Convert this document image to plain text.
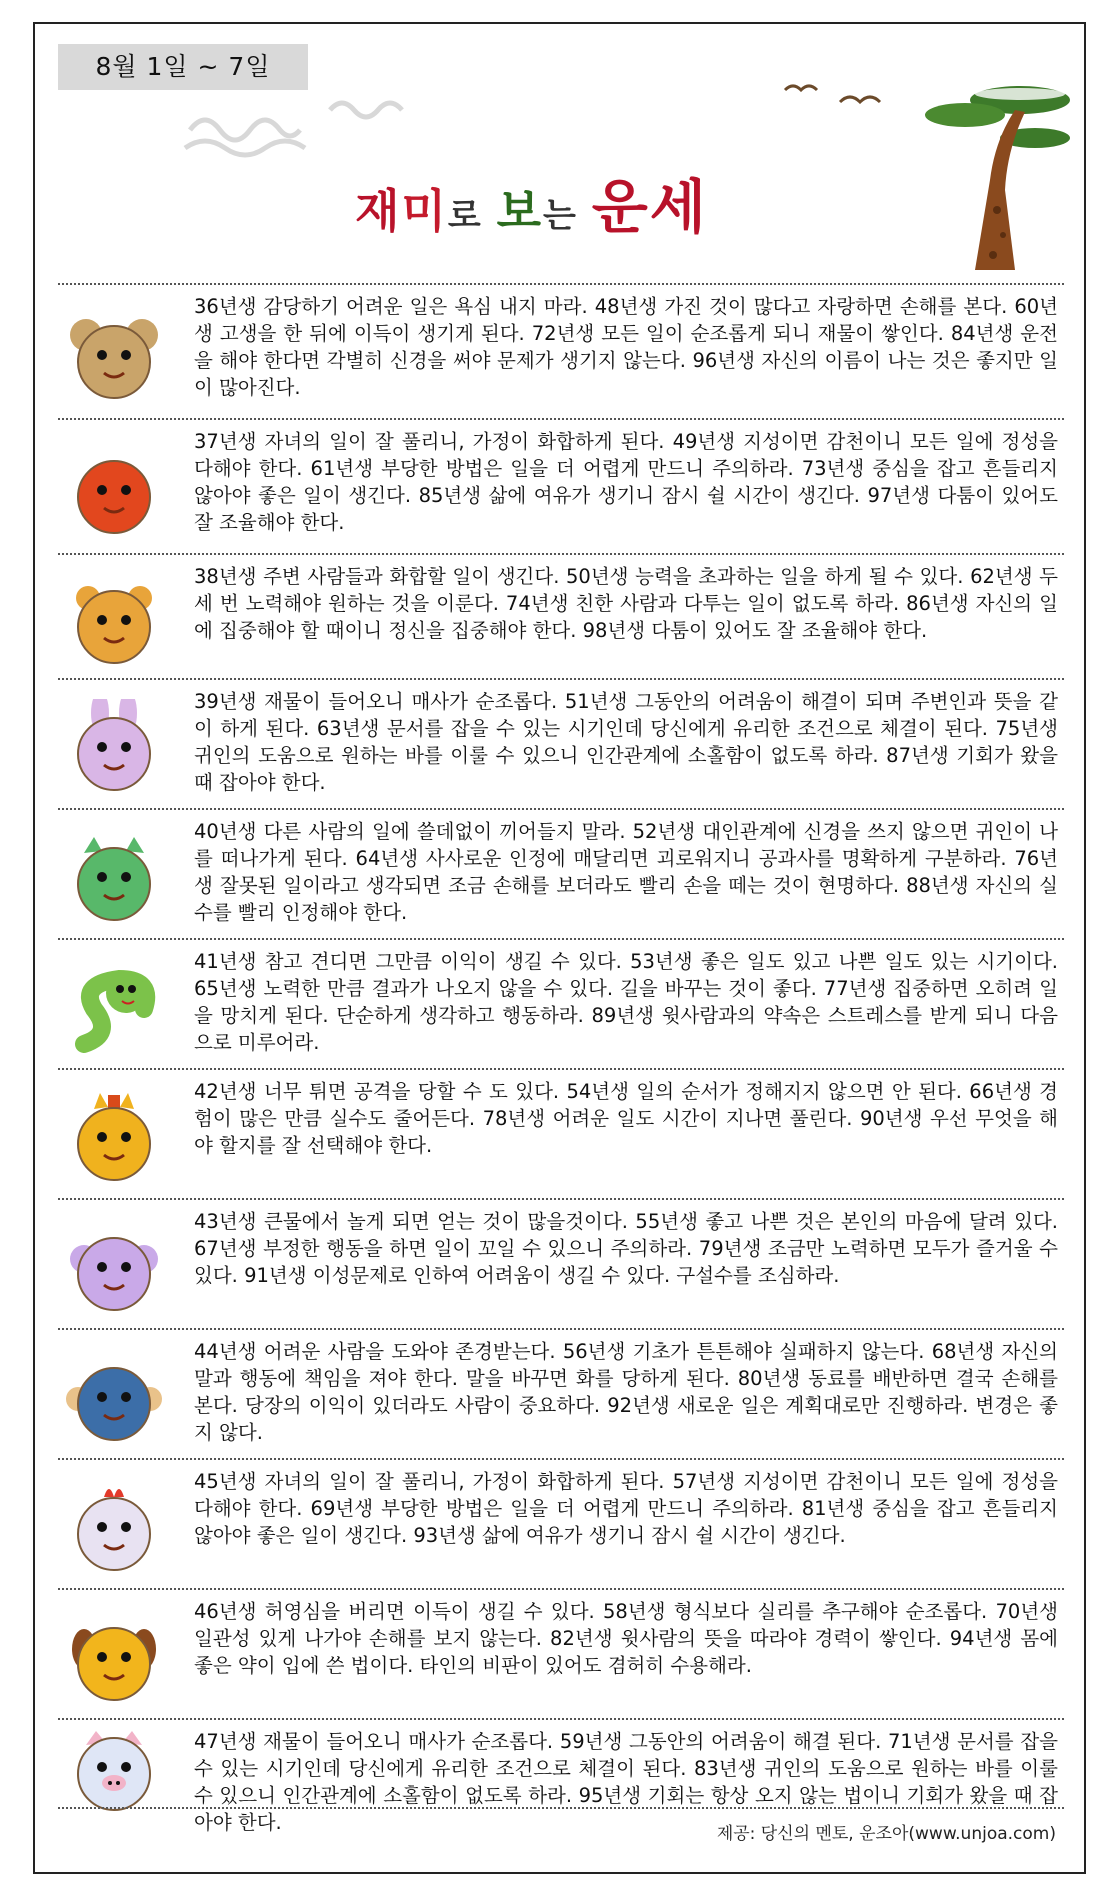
8월 1일 ~ 7일
재미로 보는 운세
36년생 감당하기 어려운 일은 욕심 내지 마라. 48년생 가진 것이 많다고 자랑하면 손해를 본다. 60년생 고생을 한 뒤에 이득이 생기게 된다. 72년생 모든 일이 순조롭게 되니 재물이 쌓인다. 84년생 운전을 해야 한다면 각별히 신경을 써야 문제가 생기지 않는다. 96년생 자신의 이름이 나는 것은 좋지만 일이 많아진다.
37년생 자녀의 일이 잘 풀리니, 가정이 화합하게 된다. 49년생 지성이면 감천이니 모든 일에 정성을 다해야 한다. 61년생 부당한 방법은 일을 더 어렵게 만드니 주의하라. 73년생 중심을 잡고 흔들리지 않아야 좋은 일이 생긴다. 85년생 삶에 여유가 생기니 잠시 쉴 시간이 생긴다. 97년생 다툼이 있어도 잘 조율해야 한다.
38년생 주변 사람들과 화합할 일이 생긴다. 50년생 능력을 초과하는 일을 하게 될 수 있다. 62년생 두세 번 노력해야 원하는 것을 이룬다. 74년생 친한 사람과 다투는 일이 없도록 하라. 86년생 자신의 일에 집중해야 할 때이니 정신을 집중해야 한다. 98년생 다툼이 있어도 잘 조율해야 한다.
39년생 재물이 들어오니 매사가 순조롭다. 51년생 그동안의 어려움이 해결이 되며 주변인과 뜻을 같이 하게 된다. 63년생 문서를 잡을 수 있는 시기인데 당신에게 유리한 조건으로 체결이 된다. 75년생 귀인의 도움으로 원하는 바를 이룰 수 있으니 인간관계에 소홀함이 없도록 하라. 87년생 기회가 왔을 때 잡아야 한다.
40년생 다른 사람의 일에 쓸데없이 끼어들지 말라. 52년생 대인관계에 신경을 쓰지 않으면 귀인이 나를 떠나가게 된다. 64년생 사사로운 인정에 매달리면 괴로워지니 공과사를 명확하게 구분하라. 76년생 잘못된 일이라고 생각되면 조금 손해를 보더라도 빨리 손을 떼는 것이 현명하다. 88년생 자신의 실수를 빨리 인정해야 한다.
41년생 참고 견디면 그만큼 이익이 생길 수 있다. 53년생 좋은 일도 있고 나쁜 일도 있는 시기이다. 65년생 노력한 만큼 결과가 나오지 않을 수 있다. 길을 바꾸는 것이 좋다. 77년생 집중하면 오히려 일을 망치게 된다. 단순하게 생각하고 행동하라. 89년생 윗사람과의 약속은 스트레스를 받게 되니 다음으로 미루어라.
42년생 너무 튀면 공격을 당할 수 도 있다. 54년생 일의 순서가 정해지지 않으면 안 된다. 66년생 경험이 많은 만큼 실수도 줄어든다. 78년생 어려운 일도 시간이 지나면 풀린다. 90년생 우선 무엇을 해야 할지를 잘 선택해야 한다.
43년생 큰물에서 놀게 되면 얻는 것이 많을것이다. 55년생 좋고 나쁜 것은 본인의 마음에 달려 있다. 67년생 부정한 행동을 하면 일이 꼬일 수 있으니 주의하라. 79년생 조금만 노력하면 모두가 즐거울 수 있다. 91년생 이성문제로 인하여 어려움이 생길 수 있다. 구설수를 조심하라.
44년생 어려운 사람을 도와야 존경받는다. 56년생 기초가 튼튼해야 실패하지 않는다. 68년생 자신의 말과 행동에 책임을 져야 한다. 말을 바꾸면 화를 당하게 된다. 80년생 동료를 배반하면 결국 손해를 본다. 당장의 이익이 있더라도 사람이 중요하다. 92년생 새로운 일은 계획대로만 진행하라. 변경은 좋지 않다.
45년생 자녀의 일이 잘 풀리니, 가정이 화합하게 된다. 57년생 지성이면 감천이니 모든 일에 정성을 다해야 한다. 69년생 부당한 방법은 일을 더 어렵게 만드니 주의하라. 81년생 중심을 잡고 흔들리지 않아야 좋은 일이 생긴다. 93년생 삶에 여유가 생기니 잠시 쉴 시간이 생긴다.
46년생 허영심을 버리면 이득이 생길 수 있다. 58년생 형식보다 실리를 추구해야 순조롭다. 70년생 일관성 있게 나가야 손해를 보지 않는다. 82년생 윗사람의 뜻을 따라야 경력이 쌓인다. 94년생 몸에 좋은 약이 입에 쓴 법이다. 타인의 비판이 있어도 겸허히 수용해라.
47년생 재물이 들어오니 매사가 순조롭다. 59년생 그동안의 어려움이 해결 된다. 71년생 문서를 잡을 수 있는 시기인데 당신에게 유리한 조건으로 체결이 된다. 83년생 귀인의 도움으로 원하는 바를 이룰 수 있으니 인간관계에 소홀함이 없도록 하라. 95년생 기회는 항상 오지 않는 법이니 기회가 왔을 때 잡아야 한다.	제공: 당신의 멘토, 운조아(www.unjoa.com)
